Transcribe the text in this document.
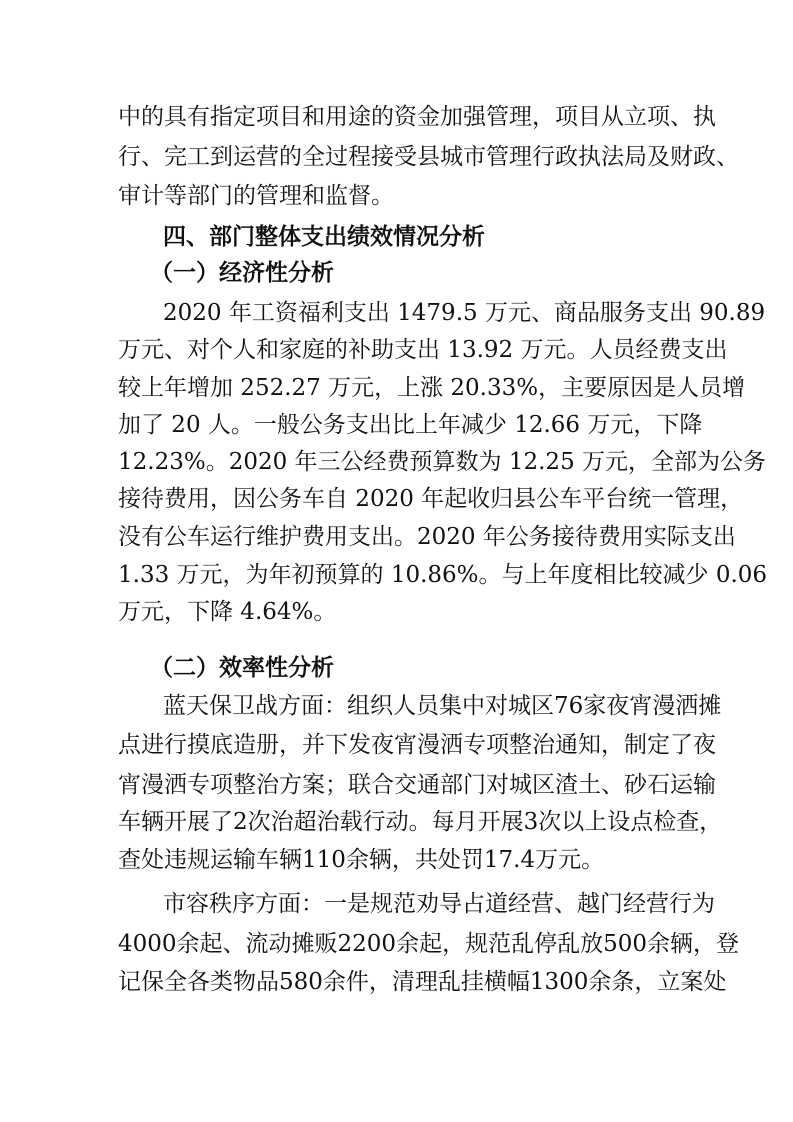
中的具有指定项目和用途的资金加强管理，项目从立项、执
行、完工到运营的全过程接受县城市管理行政执法局及财政、
审计等部门的管理和监督。
四、部门整体支出绩效情况分析
（一）经济性分析
2020 年工资福利支出 1479.5 万元、商品服务支出 90.89
万元、对个人和家庭的补助支出 13.92 万元。人员经费支出
较上年增加 252.27 万元，上涨 20.33%，主要原因是人员增
加了 20 人。一般公务支出比上年减少 12.66 万元，下降
12.23%。2020 年三公经费预算数为 12.25 万元，全部为公务
接待费用，因公务车自 2020 年起收归县公车平台统一管理，
没有公车运行维护费用支出。2020 年公务接待费用实际支出
1.33 万元，为年初预算的 10.86%。与上年度相比较减少 0.06
万元，下降 4.64%。
（二）效率性分析
蓝天保卫战方面：组织人员集中对城区76家夜宵漫洒摊
点进行摸底造册，并下发夜宵漫洒专项整治通知，制定了夜
宵漫洒专项整治方案；联合交通部门对城区渣土、砂石运输
车辆开展了2次治超治载行动。每月开展3次以上设点检查，
查处违规运输车辆110余辆，共处罚17.4万元。
市容秩序方面：一是规范劝导占道经营、越门经营行为
4000余起、流动摊贩2200余起，规范乱停乱放500余辆，登
记保全各类物品580余件，清理乱挂横幅1300余条，立案处
